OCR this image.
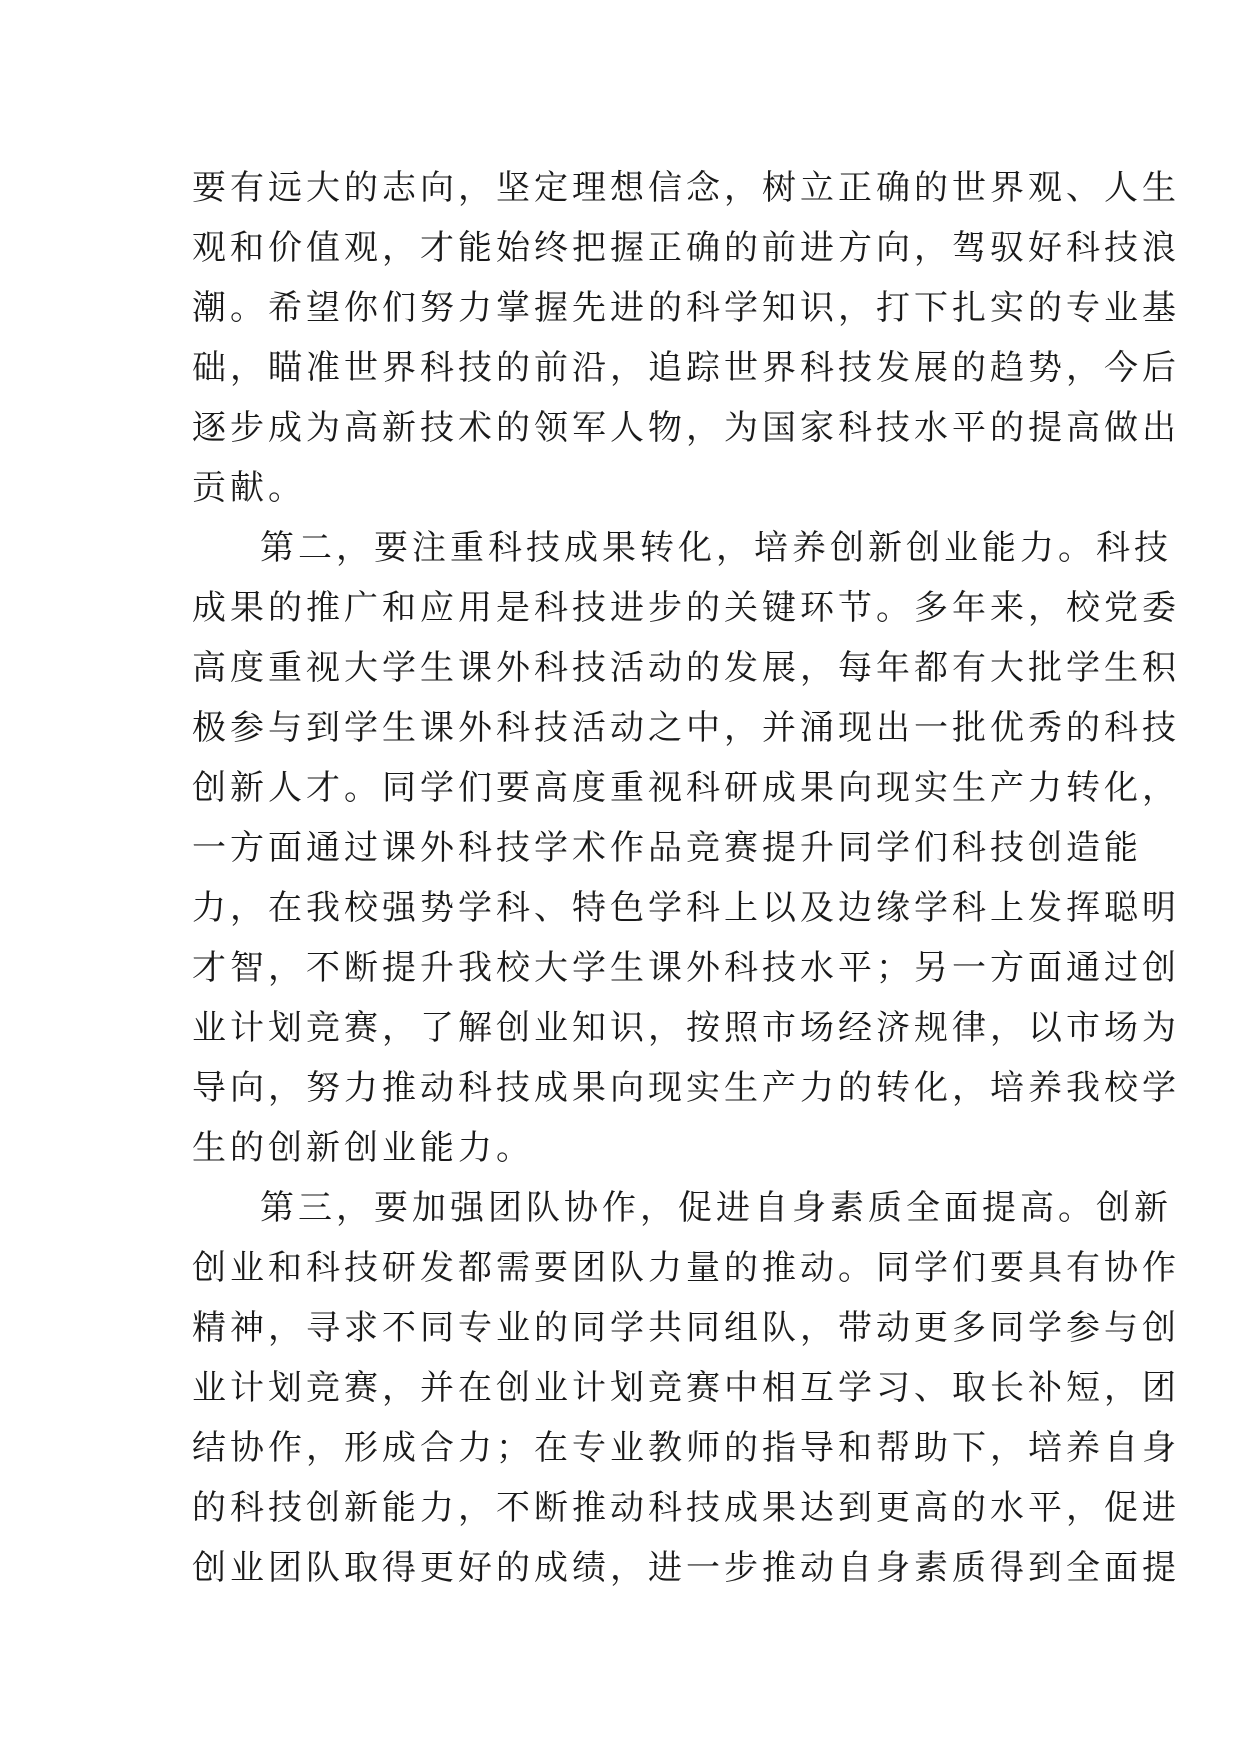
要有远大的志向，坚定理想信念，树立正确的世界观、人生
观和价值观，才能始终把握正确的前进方向，驾驭好科技浪
潮。希望你们努力掌握先进的科学知识，打下扎实的专业基
础，瞄准世界科技的前沿，追踪世界科技发展的趋势，今后
逐步成为高新技术的领军人物，为国家科技水平的提高做出
贡献。
第二，要注重科技成果转化，培养创新创业能力。科技
成果的推广和应用是科技进步的关键环节。多年来，校党委
高度重视大学生课外科技活动的发展，每年都有大批学生积
极参与到学生课外科技活动之中，并涌现出一批优秀的科技
创新人才。同学们要高度重视科研成果向现实生产力转化，
一方面通过课外科技学术作品竞赛提升同学们科技创造能
力，在我校强势学科、特色学科上以及边缘学科上发挥聪明
才智，不断提升我校大学生课外科技水平；另一方面通过创
业计划竞赛，了解创业知识，按照市场经济规律，以市场为
导向，努力推动科技成果向现实生产力的转化，培养我校学
生的创新创业能力。
第三，要加强团队协作，促进自身素质全面提高。创新
创业和科技研发都需要团队力量的推动。同学们要具有协作
精神，寻求不同专业的同学共同组队，带动更多同学参与创
业计划竞赛，并在创业计划竞赛中相互学习、取长补短，团
结协作，形成合力；在专业教师的指导和帮助下，培养自身
的科技创新能力，不断推动科技成果达到更高的水平，促进
创业团队取得更好的成绩，进一步推动自身素质得到全面提
